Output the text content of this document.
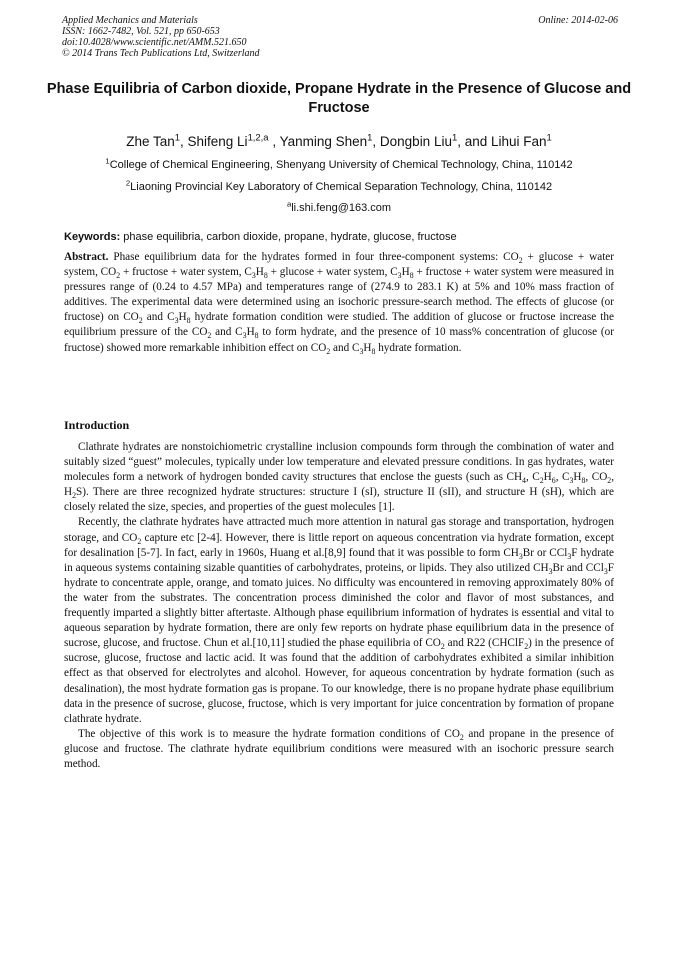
Applied Mechanics and Materials
ISSN: 1662-7482, Vol. 521, pp 650-653
doi:10.4028/www.scientific.net/AMM.521.650
© 2014 Trans Tech Publications Ltd, Switzerland
Online: 2014-02-06
Phase Equilibria of Carbon dioxide, Propane Hydrate in the Presence of Glucose and Fructose
Zhe Tan$^1$, Shifeng Li$^{1,2,a}$ , Yanming Shen$^1$, Dongbin Liu$^1$, and Lihui Fan$^1$
$^1$College of Chemical Engineering, Shenyang University of Chemical Technology, China, 110142
$^2$Liaoning Provincial Key Laboratory of Chemical Separation Technology, China, 110142
$^a$li.shi.feng@163.com
Keywords: phase equilibria, carbon dioxide, propane, hydrate, glucose, fructose
Abstract. Phase equilibrium data for the hydrates formed in four three-component systems: $CO_2 + glucose$ + water system, $CO_2$ + fructose + water system, $C_3H_8 + glucose$ + water system, $C_3H_8$ + fructose + water system were measured in pressures range of (0.24 to 4.57 MPa) and temperatures range of (274.9 to 283.1 K) at 5% and 10% mass fraction of additives. The experimental data were determined using an isochoric pressure-search method. The effects of glucose (or fructose) on $CO_2$ and $C_3H_8$ hydrate formation condition were studied. The addition of glucose or fructose increase the equilibrium pressure of the $CO_2$ and $C_3H_8$ to form hydrate, and the presence of 10 mass% concentration of glucose (or fructose) showed more remarkable inhibition effect on $CO_2$ and $C_3H_8$ hydrate formation.
Introduction

Clathrate hydrates are nonstoichiometric crystalline inclusion compounds form through the combination of water and suitably sized “guest” molecules, typically under low temperature and elevated pressure conditions. In gas hydrates, water molecules form a network of hydrogen bonded cavity structures that enclose the guests (such as $CH_4$, $C_2H_6$, $C_3H_8$, $CO_2$, $H_2S$). There are three recognized hydrate structures: structure I (sI), structure II (sII), and structure H (sH), which are closely related the size, species, and properties of the guest molecules [1].

Recently, the clathrate hydrates have attracted much more attention in natural gas storage and transportation, hydrogen storage, and $CO_2$ capture etc [2-4]. However, there is little report on aqueous concentration via hydrate formation, except for desalination [5-7]. In fact, early in 1960s, Huang et al.[8,9] found that it was possible to form $CH_3Br$ or CCl$_3$F hydrate in aqueous systems containing sizable quantities of carbohydrates, proteins, or lipids. They also utilized $CH_3Br$ and CCl$_3$F hydrate to concentrate apple, orange, and tomato juices. No difficulty was encountered in removing approximately 80% of the water from the substrates. The concentration process diminished the color and flavor of most substances, and frequently imparted a slightly bitter aftertaste. Although phase equilibrium information of hydrates is essential and vital to aqueous separation by hydrate formation, there are only few reports on hydrate phase equilibrium data in the presence of sucrose, glucose, and fructose. Chun et al.[10,11] studied the phase equilibria of $CO_2$ and R22 (CHClF$_2$) in the presence of sucrose, glucose, fructose and lactic acid. It was found that the addition of carbohydrates exhibited a similar inhibition effect as that observed for electrolytes and alcohol. However, for aqueous concentration by hydrate formation (such as desalination), the most hydrate formation gas is propane. To our knowledge, there is no propane hydrate phase equilibrium data in the presence of sucrose, glucose, fructose, which is very important for juice concentration by formation of propane clathrate hydrate.

The objective of this work is to measure the hydrate formation conditions of $CO_2$ and propane in the presence of glucose and fructose. The clathrate hydrate equilibrium conditions were measured with an isochoric pressure search method.
